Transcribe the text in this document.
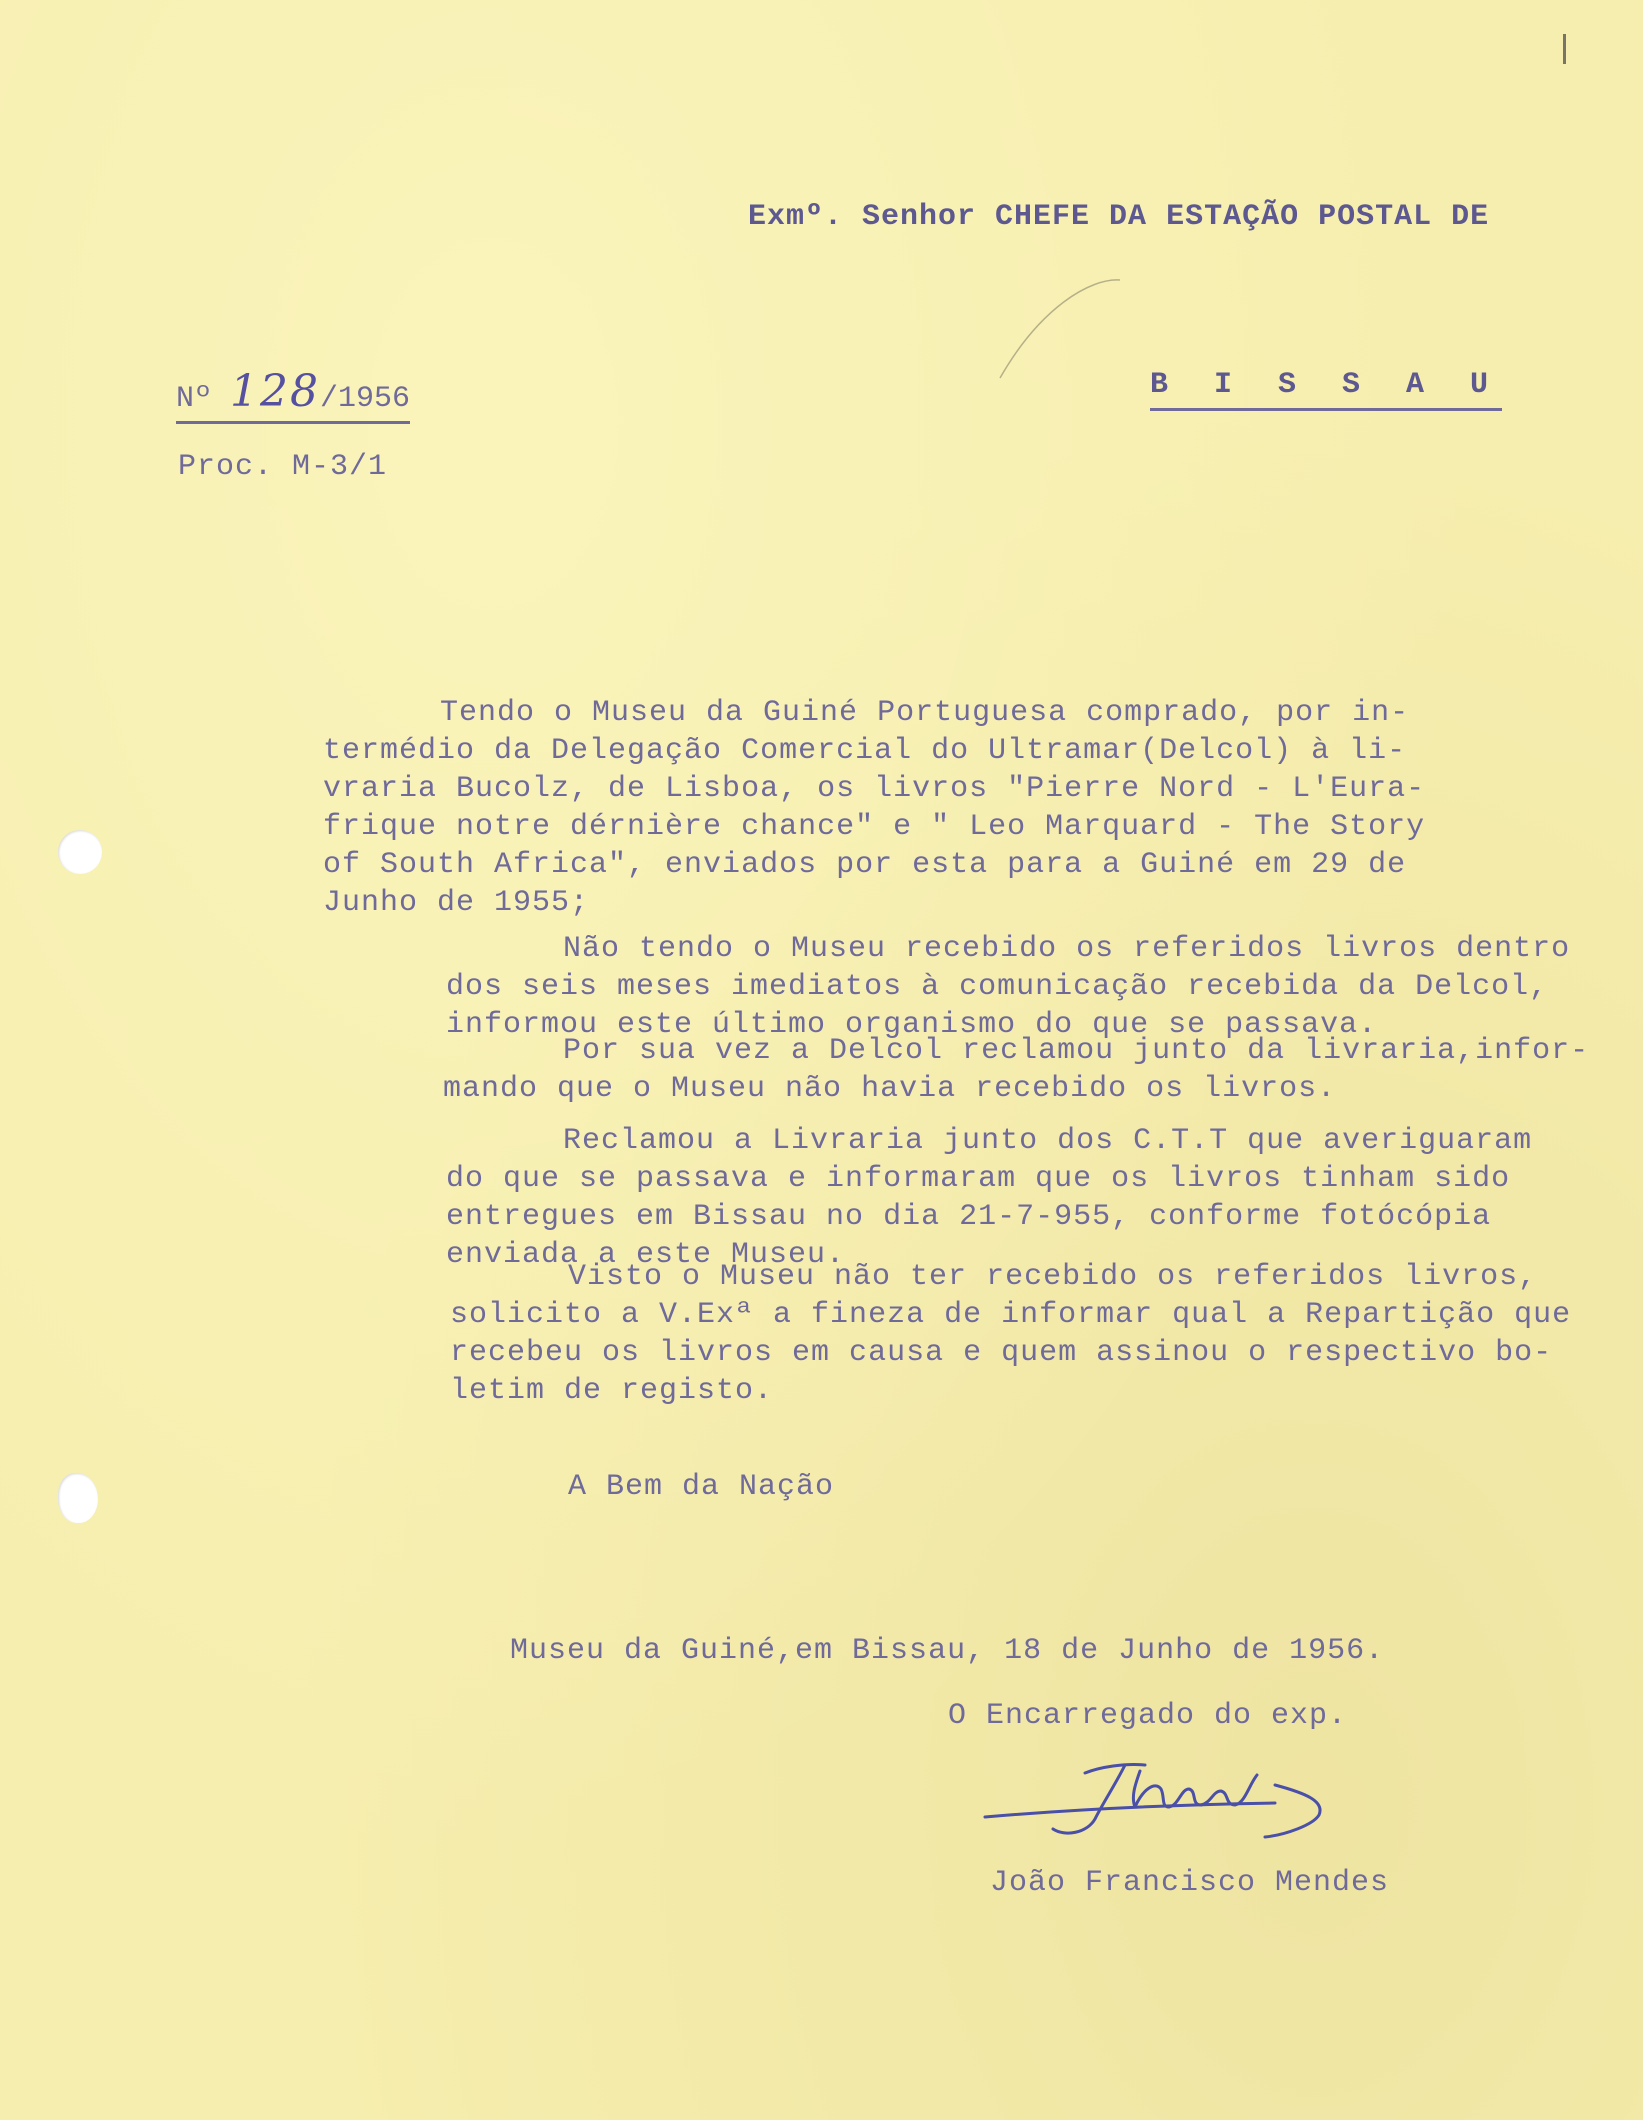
Exmº. Senhor CHEFE DA ESTAÇÃO POSTAL DE
B I S S A U
Nº 128/1956
Proc. M-3/1
Tendo o Museu da Guiné Portuguesa comprado, por in-
termédio da Delegação Comercial do Ultramar(Delcol) à li-
vraria Bucolz, de Lisboa, os livros "Pierre Nord - L'Eura-
frique notre dérnière chance" e " Leo Marquard - The Story
of South Africa", enviados por esta para a Guiné em 29 de
Junho de 1955;
Não tendo o Museu recebido os referidos livros dentro
dos seis meses imediatos à comunicação recebida da Delcol,
informou este último organismo do que se passava.
Por sua vez a Delcol reclamou junto da livraria,infor-
mando que o Museu não havia recebido os livros.
Reclamou a Livraria junto dos C.T.T que averiguaram
do que se passava e informaram que os livros tinham sido
entregues em Bissau no dia 21-7-955, conforme fotócópia
enviada a este Museu.
Visto o Museu não ter recebido os referidos livros,
solicito a V.Exª a fineza de informar qual a Repartição que
recebeu os livros em causa e quem assinou o respectivo bo-
letim de registo.
A Bem da Nação
Museu da Guiné,em Bissau, 18 de Junho de 1956.
O Encarregado do exp.
João Francisco Mendes
